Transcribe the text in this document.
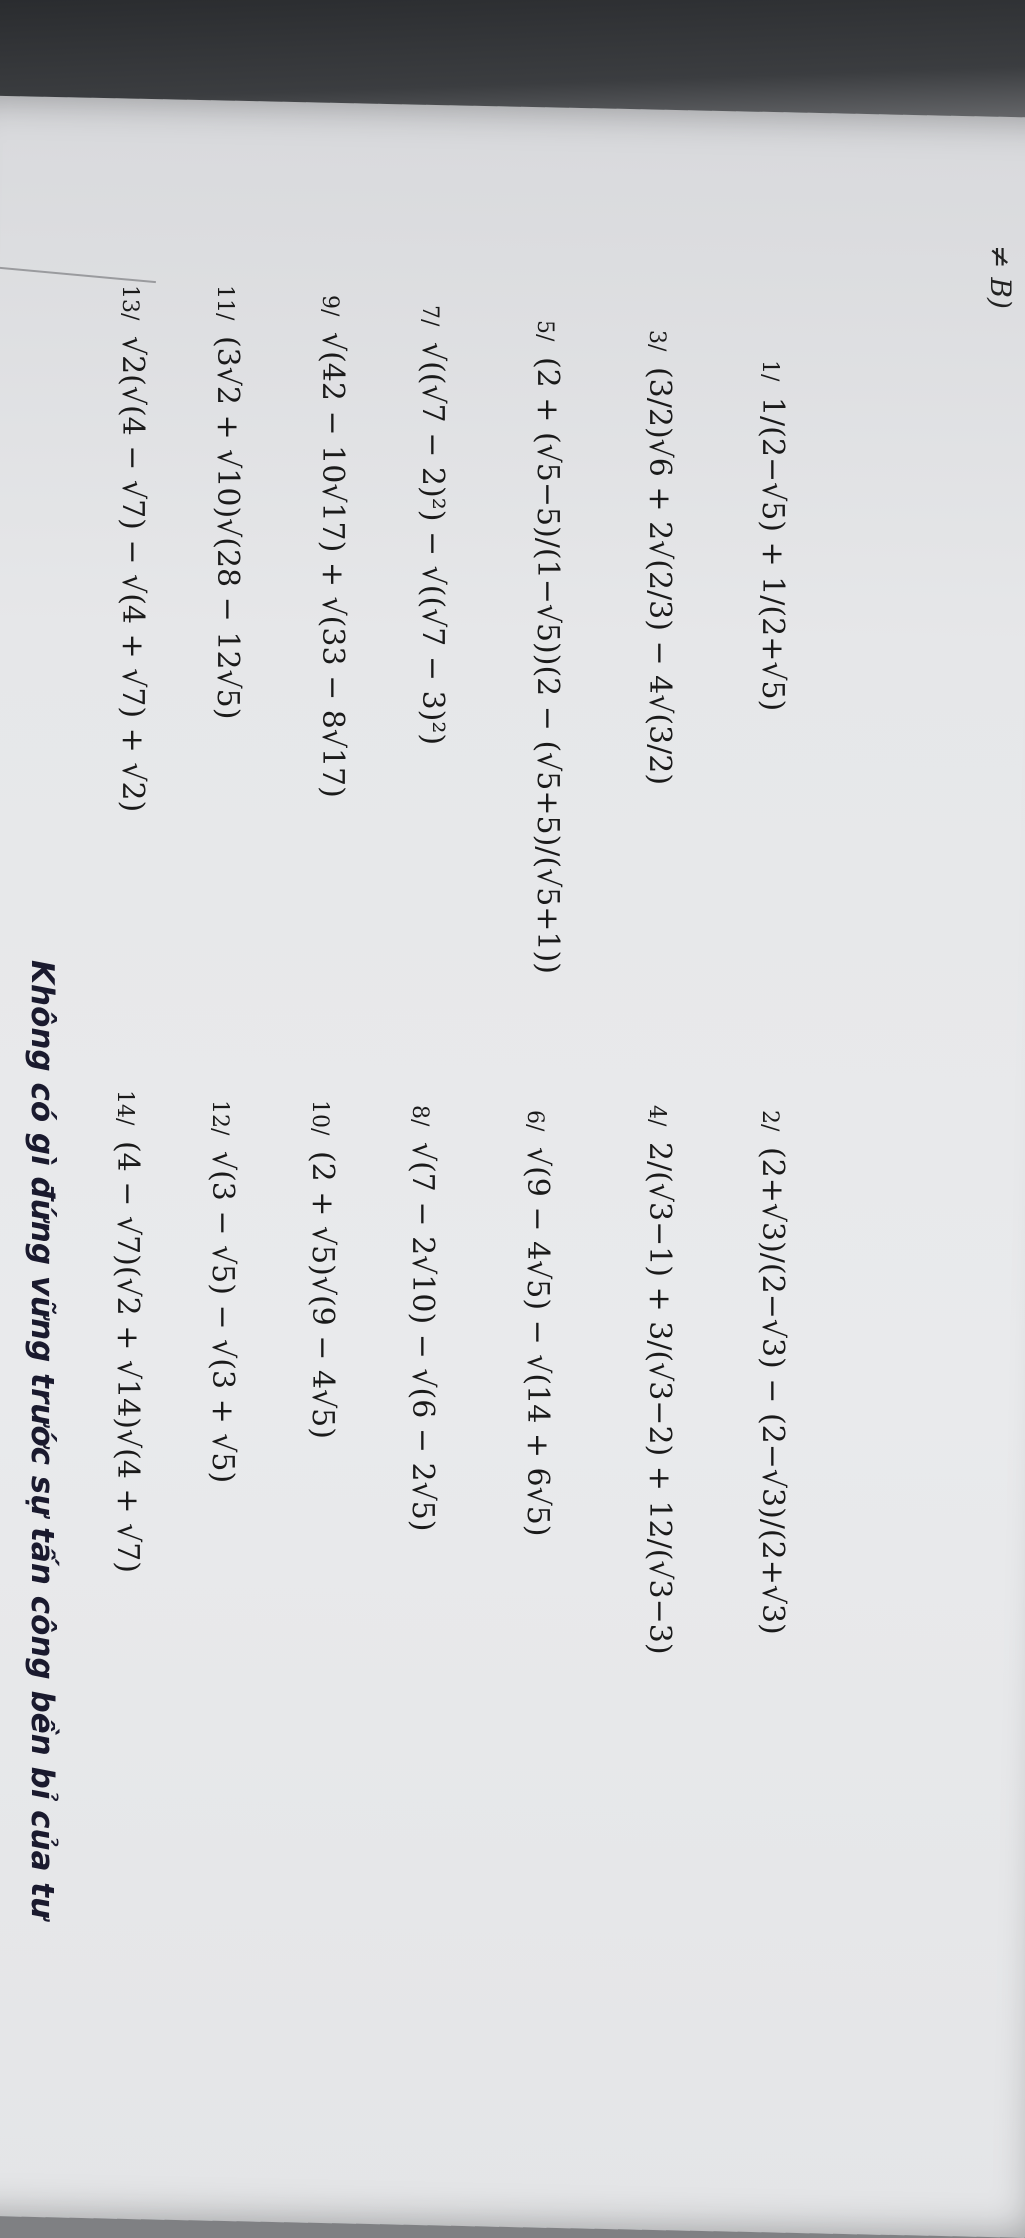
≠ B)
1/ 1/(2−√5) + 1/(2+√5)
2/ (2+√3)/(2−√3) − (2−√3)/(2+√3)
3/ (3/2)√6 + 2√(2/3) − 4√(3/2)
4/ 2/(√3−1) + 3/(√3−2) + 12/(√3−3)
5/ (2 + (√5−5)/(1−√5))(2 − (√5+5)/(√5+1))
6/ √(9 − 4√5) − √(14 + 6√5)
7/ √((√7 − 2)²) − √((√7 − 3)²)
8/ √(7 − 2√10) − √(6 − 2√5)
9/ √(42 − 10√17) + √(33 − 8√17)
10/ (2 + √5)√(9 − 4√5)
11/ (3√2 + √10)√(28 − 12√5)
12/ √(3 − √5) − √(3 + √5)
13/ √2(√(4 − √7) − √(4 + √7) + √2)
14/ (4 − √7)(√2 + √14)√(4 + √7)
Không có gì đứng vững trước sự tấn công bền bỉ của tư
